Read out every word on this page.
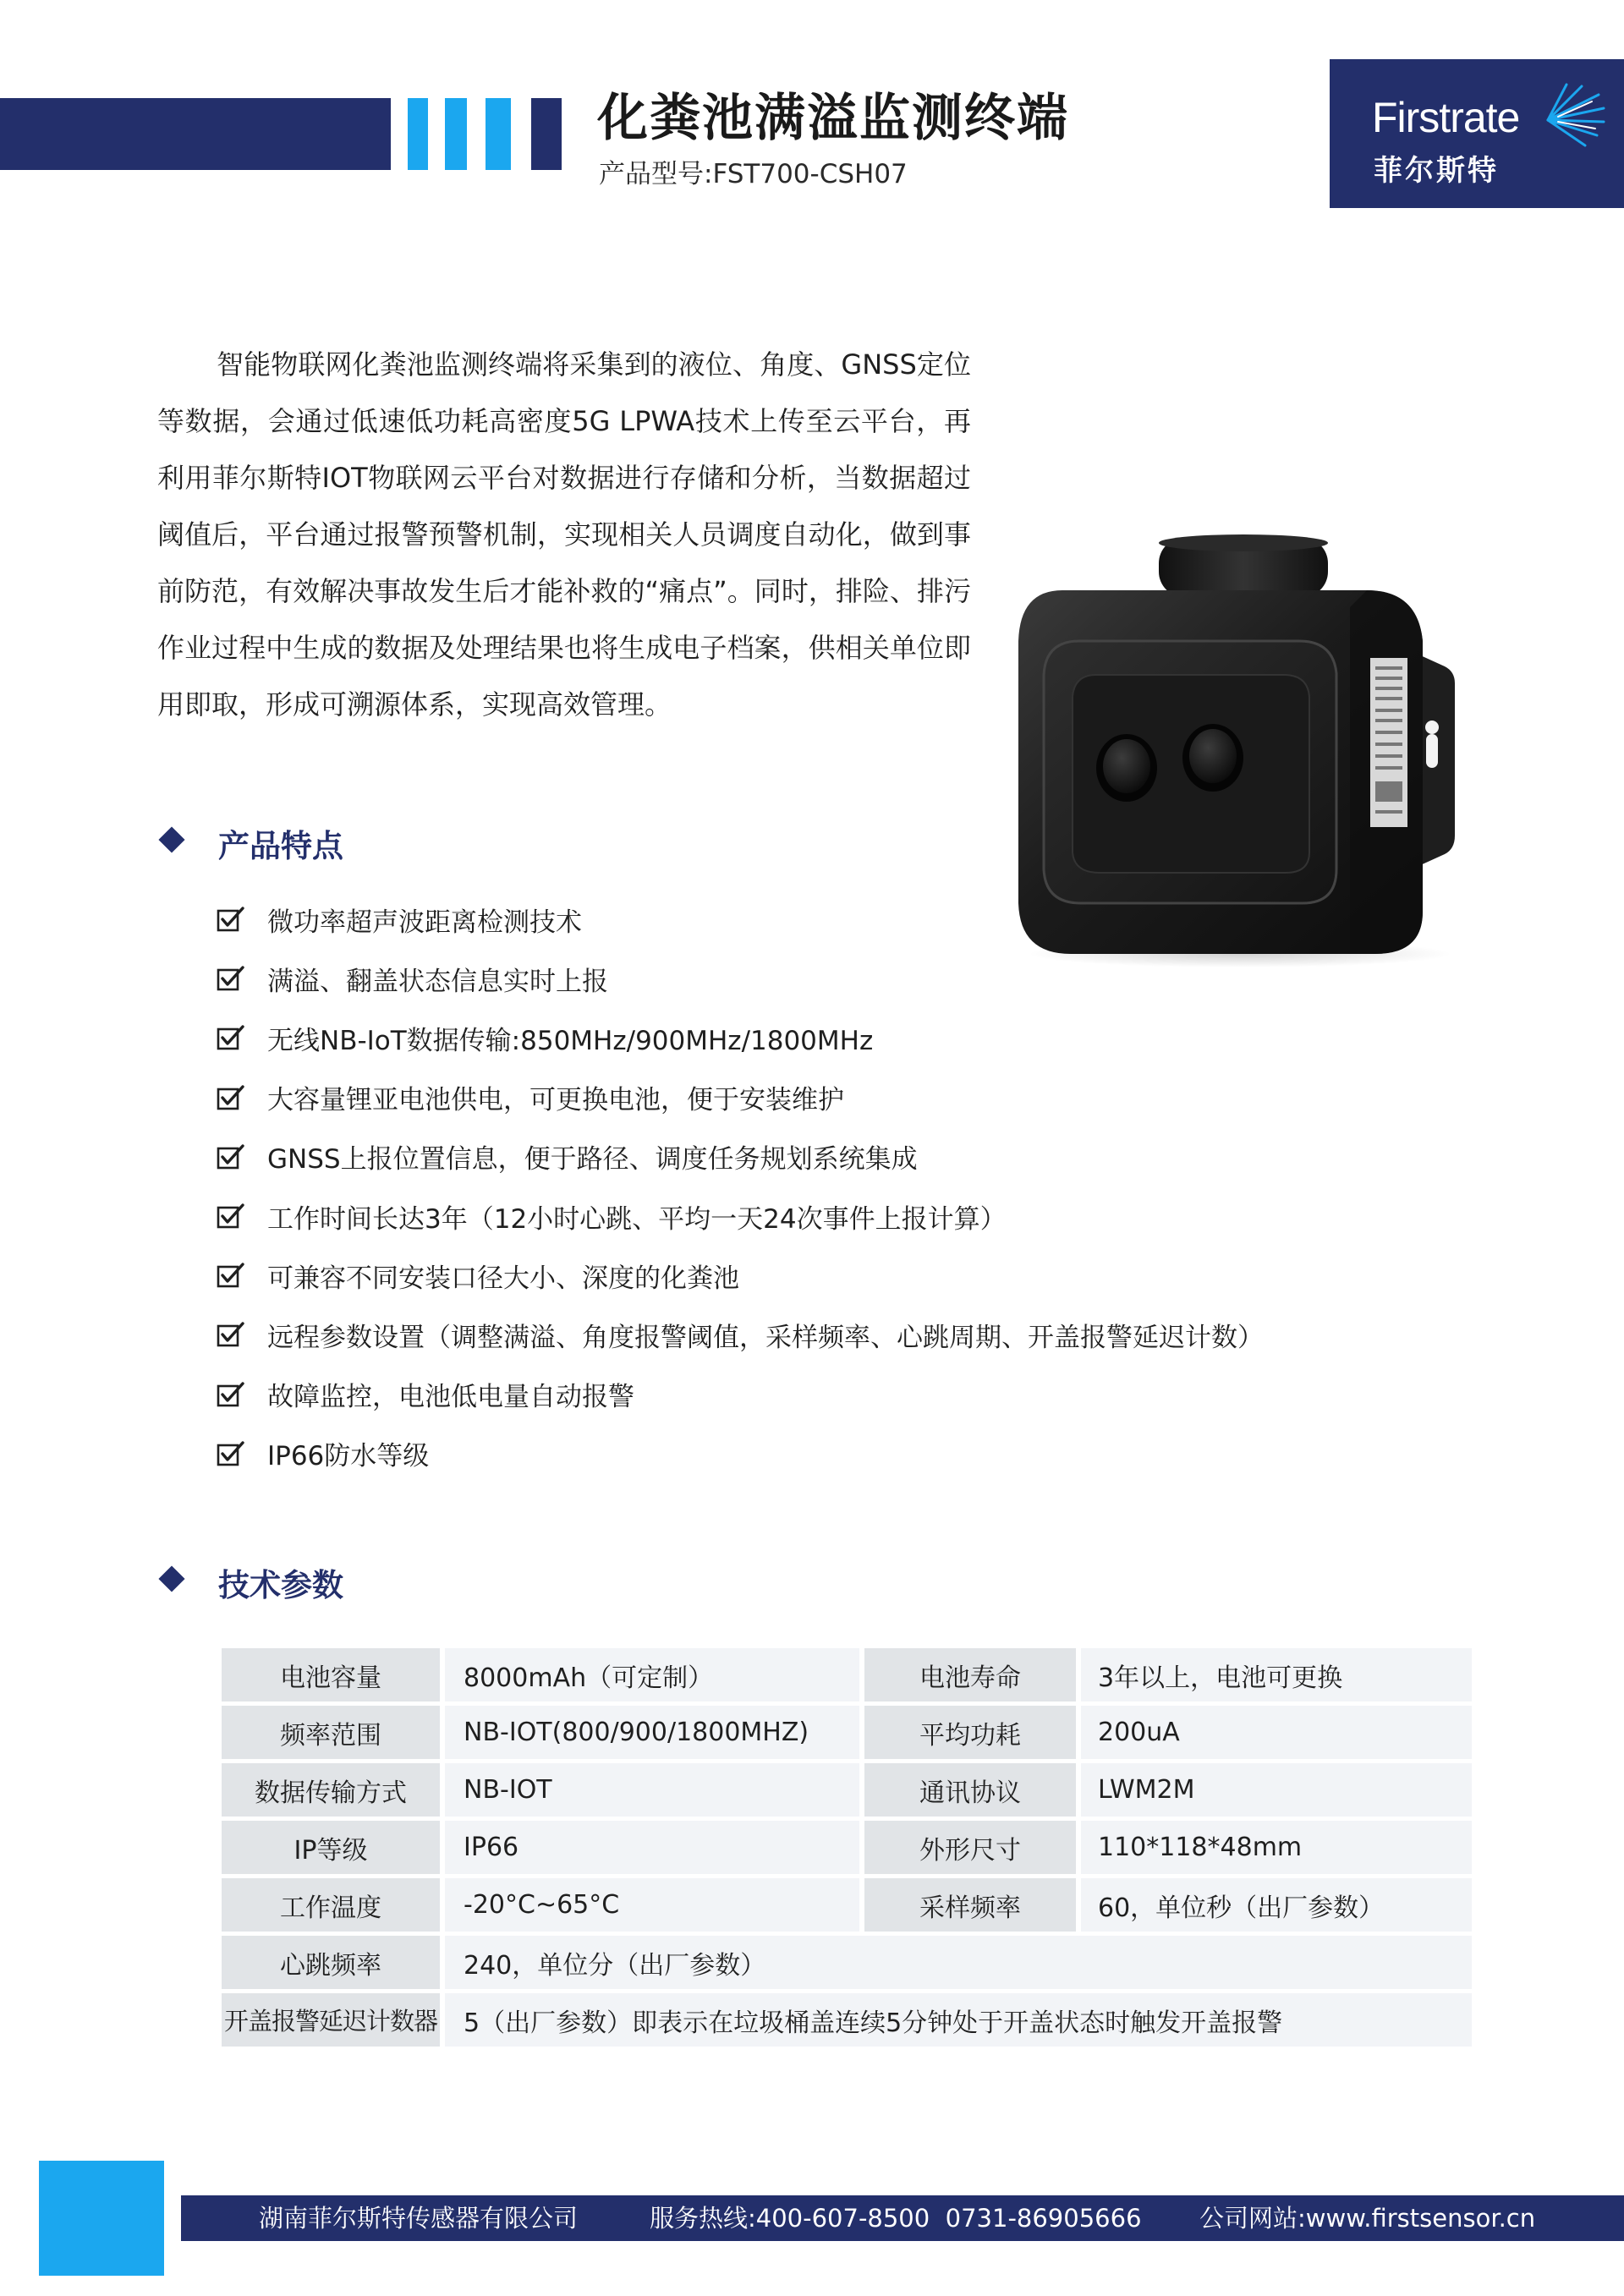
化粪池满溢监测终端
产品型号:FST700-CSH07
Firstrate
菲尔斯特

智能物联网化粪池监测终端将采集到的液位、角度、GNSS定位等数据，会通过低速低功耗高密度5G LPWA技术上传至云平台，再利用菲尔斯特IOT物联网云平台对数据进行存储和分析，当数据超过阈值后，平台通过报警预警机制，实现相关人员调度自动化，做到事前防范，有效解决事故发生后才能补救的“痛点”。同时，排险、排污作业过程中生成的数据及处理结果也将生成电子档案，供相关单位即用即取，形成可溯源体系，实现高效管理。

产品特点
微功率超声波距离检测技术
满溢、翻盖状态信息实时上报
无线NB-IoT数据传输:850MHz/900MHz/1800MHz
大容量锂亚电池供电，可更换电池，便于安装维护
GNSS上报位置信息，便于路径、调度任务规划系统集成
工作时间长达3年（12小时心跳、平均一天24次事件上报计算）
可兼容不同安装口径大小、深度的化粪池
远程参数设置（调整满溢、角度报警阈值，采样频率、心跳周期、开盖报警延迟计数）
故障监控，电池低电量自动报警
IP66防水等级
技术参数
电池容量	8000mAh（可定制）	电池寿命	3年以上，电池可更换
频率范围	NB-IOT(800/900/1800MHZ)	平均功耗	200uA
数据传输方式	NB-IOT	通讯协议	LWM2M
IP等级	IP66	外形尺寸	110*118*48mm
工作温度	-20°C~65°C	采样频率	60，单位秒（出厂参数）
心跳频率	240，单位分（出厂参数）		
开盖报警延迟计数器	5（出厂参数）即表示在垃圾桶盖连续5分钟处于开盖状态时触发开盖报警		
湖南菲尔斯特传感器有限公司	服务热线:400-607-8500  0731-86905666 公司网站:www.firstsensor.cn
